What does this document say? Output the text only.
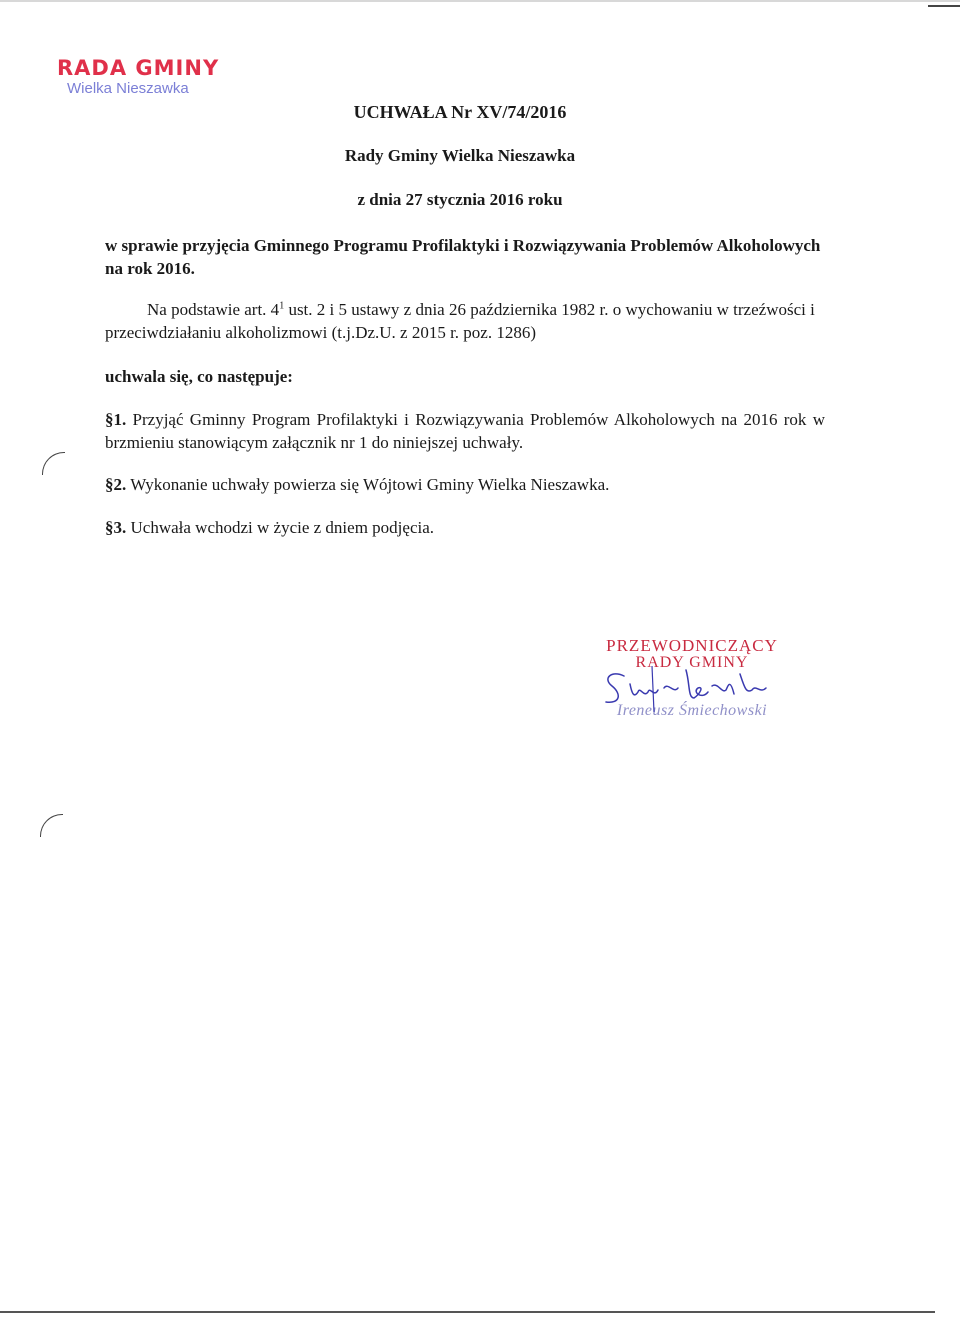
RADA GMINY
Wielka Nieszawka
UCHWAŁA Nr XV/74/2016
Rady Gminy Wielka Nieszawka
z dnia 27 stycznia 2016 roku
w sprawie przyjęcia Gminnego Programu Profilaktyki i Rozwiązywania Problemów Alkoholowych na rok 2016.
Na podstawie art. $4^1$ ust. 2 i 5 ustawy z dnia 26 października 1982 r. o wychowaniu w trzeźwości i przeciwdziałaniu alkoholizmowi (t.j.Dz.U. z 2015 r. poz. 1286)
uchwala się, co następuje:
§1. Przyjąć Gminny Program Profilaktyki i Rozwiązywania Problemów Alkoholowych na 2016 rok w brzmieniu stanowiącym załącznik nr 1 do niniejszej uchwały.
§2. Wykonanie uchwały powierza się Wójtowi Gminy Wielka Nieszawka.
§3. Uchwała wchodzi w życie z dniem podjęcia.
PRZEWODNICZĄCY
RADY GMINY
Ireneusz Śmiechowski
